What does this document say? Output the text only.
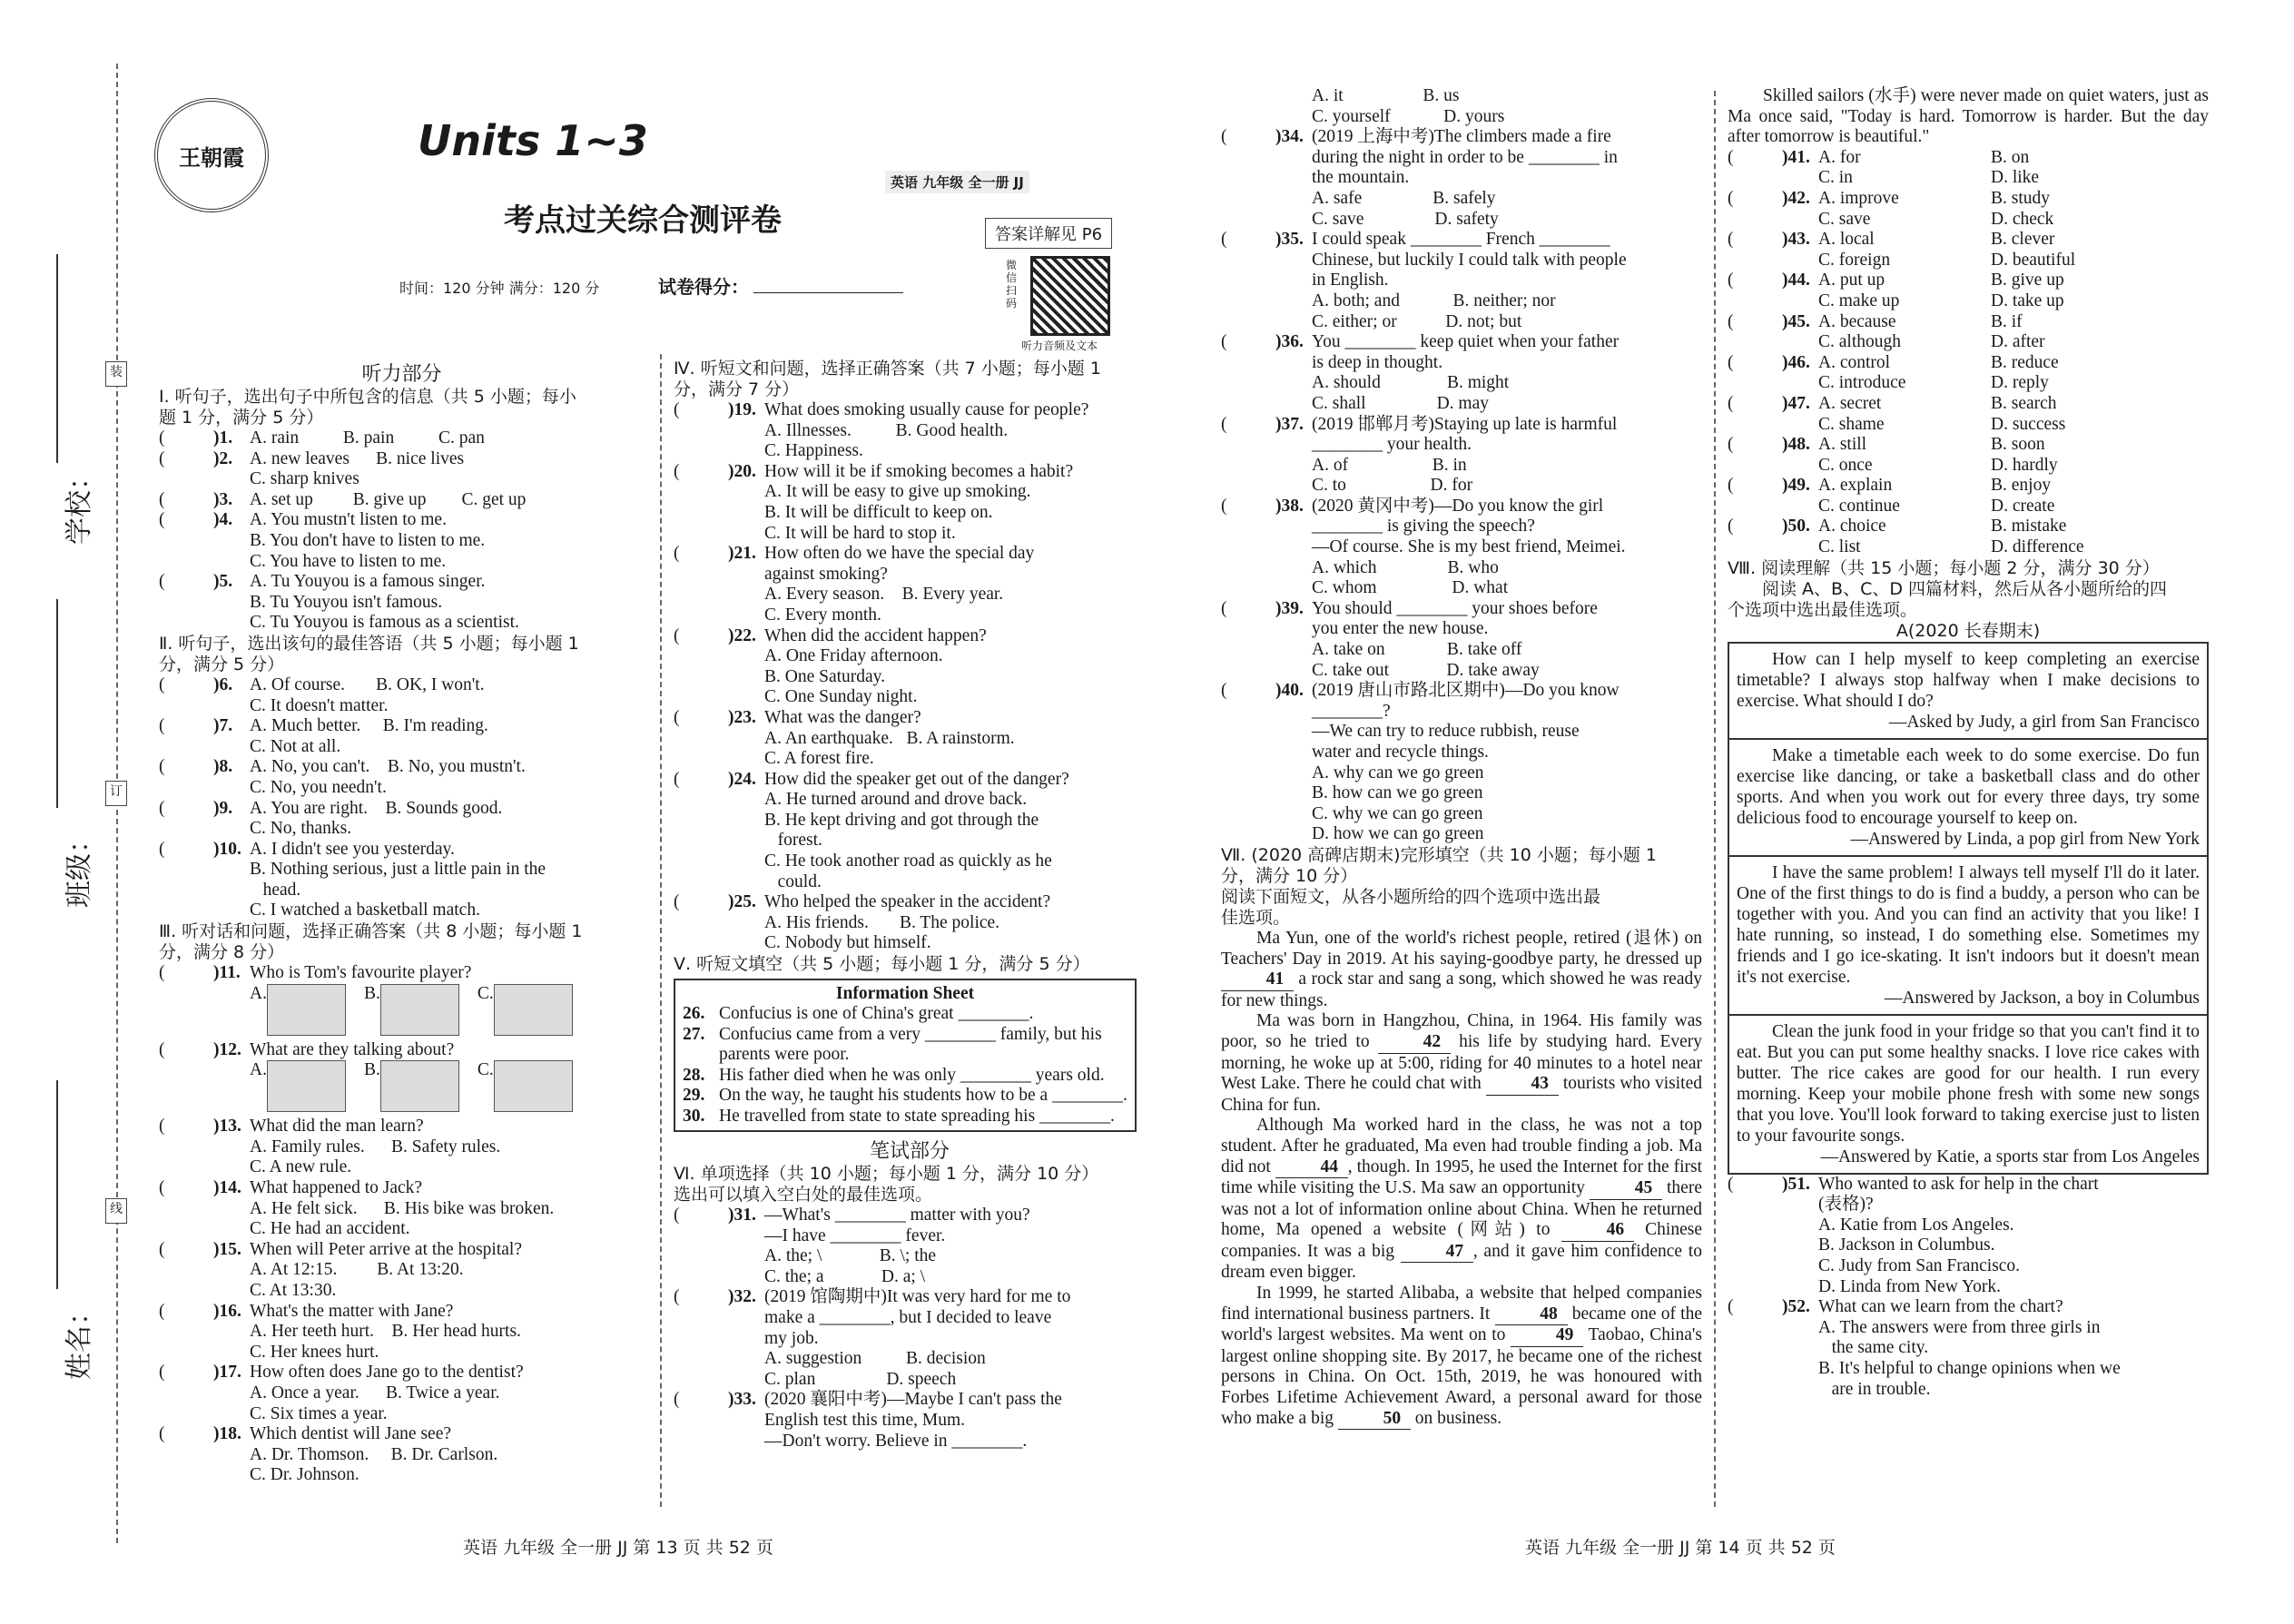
学校：
班级：
姓名：
装
订
线
王朝霞	Units 1~3
考点过关综合测评卷
英语 九年级 全一册 JJ
答案详解见 P6
时间：120 分钟 满分：120 分	试卷得分：
微信扫码
听力音频及文本
听力部分
Ⅰ. 听句子，选出句子中所包含的信息（共 5 小题；每小
题 1 分，满分 5 分）
(	)1. A. rain          B. pain          C. pan
(	)2. A. new leaves      B. nice lives
C. sharp knives
(	)3. A. set up         B. give up        C. get up
(	)4. A. You mustn't listen to me.
B. You don't have to listen to me.
C. You have to listen to me.
(	)5. A. Tu Youyou is a famous singer.
B. Tu Youyou isn't famous.
C. Tu Youyou is famous as a scientist.
Ⅱ. 听句子，选出该句的最佳答语（共 5 小题；每小题 1
分，满分 5 分）
(	)6. A. Of course.       B. OK, I won't.
C. It doesn't matter.
(	)7. A. Much better.     B. I'm reading.
C. Not at all.
(	)8. A. No, you can't.    B. No, you mustn't.
C. No, you needn't.
(	)9. A. You are right.    B. Sounds good.
C. No, thanks.
(	)10. A. I didn't see you yesterday.
B. Nothing serious, just a little pain in the
head.
C. I watched a basketball match.
Ⅲ. 听对话和问题，选择正确答案（共 8 小题；每小题 1
分，满分 8 分）
(	)11. Who is Tom's favourite player?
A.	B.	C.
(	)12. What are they talking about?
A.	B.	C.
(	)13. What did the man learn?
A. Family rules.      B. Safety rules.
C. A new rule.
(	)14. What happened to Jack?
A. He felt sick.      B. His bike was broken.
C. He had an accident.
(	)15. When will Peter arrive at the hospital?
A. At 12:15.         B. At 13:20.
C. At 13:30.
(	)16. What's the matter with Jane?
A. Her teeth hurt.    B. Her head hurts.
C. Her knees hurt.
(	)17. How often does Jane go to the dentist?
A. Once a year.      B. Twice a year.
C. Six times a year.
(	)18. Which dentist will Jane see?
A. Dr. Thomson.     B. Dr. Carlson.
C. Dr. Johnson.
Ⅳ. 听短文和问题，选择正确答案（共 7 小题；每小题 1
分，满分 7 分）
(	)19. What does smoking usually cause for people?
A. Illnesses.          B. Good health.
C. Happiness.
(	)20. How will it be if smoking becomes a habit?
A. It will be easy to give up smoking.
B. It will be difficult to keep on.
C. It will be hard to stop it.
(	)21. How often do we have the special day
against smoking?
A. Every season.    B. Every year.
C. Every month.
(	)22. When did the accident happen?
A. One Friday afternoon.
B. One Saturday.
C. One Sunday night.
(	)23. What was the danger?
A. An earthquake.   B. A rainstorm.
C. A forest fire.
(	)24. How did the speaker get out of the danger?
A. He turned around and drove back.
B. He kept driving and got through the
forest.
C. He took another road as quickly as he
could.
(	)25. Who helped the speaker in the accident?
A. His friends.       B. The police.
C. Nobody but himself.
Ⅴ. 听短文填空（共 5 小题；每小题 1 分，满分 5 分）
Information Sheet
26. Confucius is one of China's great ________.
27. Confucius came from a very ________ family, but his parents were poor.
28. His father died when he was only ________ years old.
29. On the way, he taught his students how to be a ________.
30. He travelled from state to state spreading his ________.
笔试部分
Ⅵ. 单项选择（共 10 小题；每小题 1 分，满分 10 分）
选出可以填入空白处的最佳选项。
(	)31. —What's ________ matter with you?
—I have ________ fever.
A. the; \             B. \; the
C. the; a             D. a; \
(	)32. (2019 馆陶期中)It was very hard for me to
make a ________, but I decided to leave
my job.
A. suggestion          B. decision
C. plan                D. speech
(	)33. (2020 襄阳中考)—Maybe I can't pass the
English test this time, Mum.
—Don't worry. Believe in ________.
A. it                  B. us
C. yourself            D. yours
(	)34. (2019 上海中考)The climbers made a fire
during the night in order to be ________ in
the mountain.
A. safe                B. safely
C. save                D. safety
(	)35. I could speak ________ French ________
Chinese, but luckily I could talk with people
in English.
A. both; and            B. neither; nor
C. either; or           D. not; but
(	)36. You ________ keep quiet when your father
is deep in thought.
A. should               B. might
C. shall                D. may
(	)37. (2019 邯郸月考)Staying up late is harmful
________ your health.
A. of                   B. in
C. to                   D. for
(	)38. (2020 黄冈中考)—Do you know the girl
________ is giving the speech?
—Of course. She is my best friend, Meimei.
A. which                B. who
C. whom                 D. what
(	)39. You should ________ your shoes before
you enter the new house.
A. take on              B. take off
C. take out             D. take away
(	)40. (2019 唐山市路北区期中)—Do you know
________?
—We can try to reduce rubbish, reuse
water and recycle things.
A. why can we go green
B. how can we go green
C. why we can go green
D. how we can go green
Ⅶ. (2020 高碑店期末)完形填空（共 10 小题；每小题 1
分，满分 10 分）
阅读下面短文，从各小题所给的四个选项中选出最
佳选项。
Ma Yun, one of the world's richest people, retired (退休) on Teachers' Day in 2019. At his saying-goodbye party, he dressed up 41 a rock star and sang a song, which showed he was ready for new things.
Ma was born in Hangzhou, China, in 1964. His family was poor, so he tried to	42 his life by studying hard. Every morning, he woke up at 5:00, riding for 40 minutes to a hotel near West Lake. There he could chat with	43 tourists who visited China for fun.
Although Ma worked hard in the class, he was not a top student. After he graduated, Ma even had trouble finding a job. Ma did not	44 , though. In 1995, he used the Internet for the first time while visiting the U.S. Ma saw an opportunity	45 there was not a lot of information online about China. When he returned home, Ma opened a website (网站) to	46 Chinese companies. It was a big	47 , and it gave him confidence to dream even bigger.
In 1999, he started Alibaba, a website that helped companies find international business partners. It	48 became one of the world's largest websites. Ma went on to	49 Taobao, China's largest online shopping site. By 2017, he became one of the richest persons in China. On Oct. 15th, 2019, he was honoured with Forbes Lifetime Achievement Award, a personal award for those who make a big	50 on business.
Skilled sailors (水手) were never made on quiet waters, just as Ma once said, "Today is hard. Tomorrow is harder. But the day after tomorrow is beautiful."
(	)41. A. for	B. on
C. in	D. like
(	)42. A. improve	B. study
C. save	D. check
(	)43. A. local	B. clever
C. foreign	D. beautiful
(	)44. A. put up	B. give up
C. make up	D. take up
(	)45. A. because	B. if
C. although	D. after
(	)46. A. control	B. reduce
C. introduce	D. reply
(	)47. A. secret	B. search
C. shame	D. success
(	)48. A. still	B. soon
C. once	D. hardly
(	)49. A. explain	B. enjoy
C. continue	D. create
(	)50. A. choice	B. mistake
C. list	D. difference
Ⅷ. 阅读理解（共 15 小题；每小题 2 分，满分 30 分）
阅读 A、B、C、D 四篇材料，然后从各小题所给的四
个选项中选出最佳选项。
A(2020 长春期末)
How can I help myself to keep completing an exercise timetable? I always stop halfway when I make decisions to exercise. What should I do?
—Asked by Judy, a girl from San Francisco
Make a timetable each week to do some exercise. Do fun exercise like dancing, or take a basketball class and do other sports. And when you work out for every three days, try some delicious food to encourage yourself to keep on.
—Answered by Linda, a pop girl from New York
I have the same problem! I always tell myself I'll do it later. One of the first things to do is find a buddy, a person who can be together with you. And you can find an activity that you like! I hate running, so instead, I do something else. Sometimes my friends and I go ice-skating. It isn't indoors but it doesn't mean it's not exercise.
—Answered by Jackson, a boy in Columbus
Clean the junk food in your fridge so that you can't find it to eat. But you can put some healthy snacks. I love rice cakes with butter. The rice cakes are good for our health. I run every morning. Keep your mobile phone fresh with some new songs that you love. You'll look forward to taking exercise just to listen to your favourite songs.
—Answered by Katie, a sports star from Los Angeles
(	)51. Who wanted to ask for help in the chart
(表格)?
A. Katie from Los Angeles.
B. Jackson in Columbus.
C. Judy from San Francisco.
D. Linda from New York.
(	)52. What can we learn from the chart?
A. The answers were from three girls in
the same city.
B. It's helpful to change opinions when we
are in trouble.
英语 九年级 全一册 JJ 第 13 页 共 52 页	英语 九年级 全一册 JJ 第 14 页 共 52 页
